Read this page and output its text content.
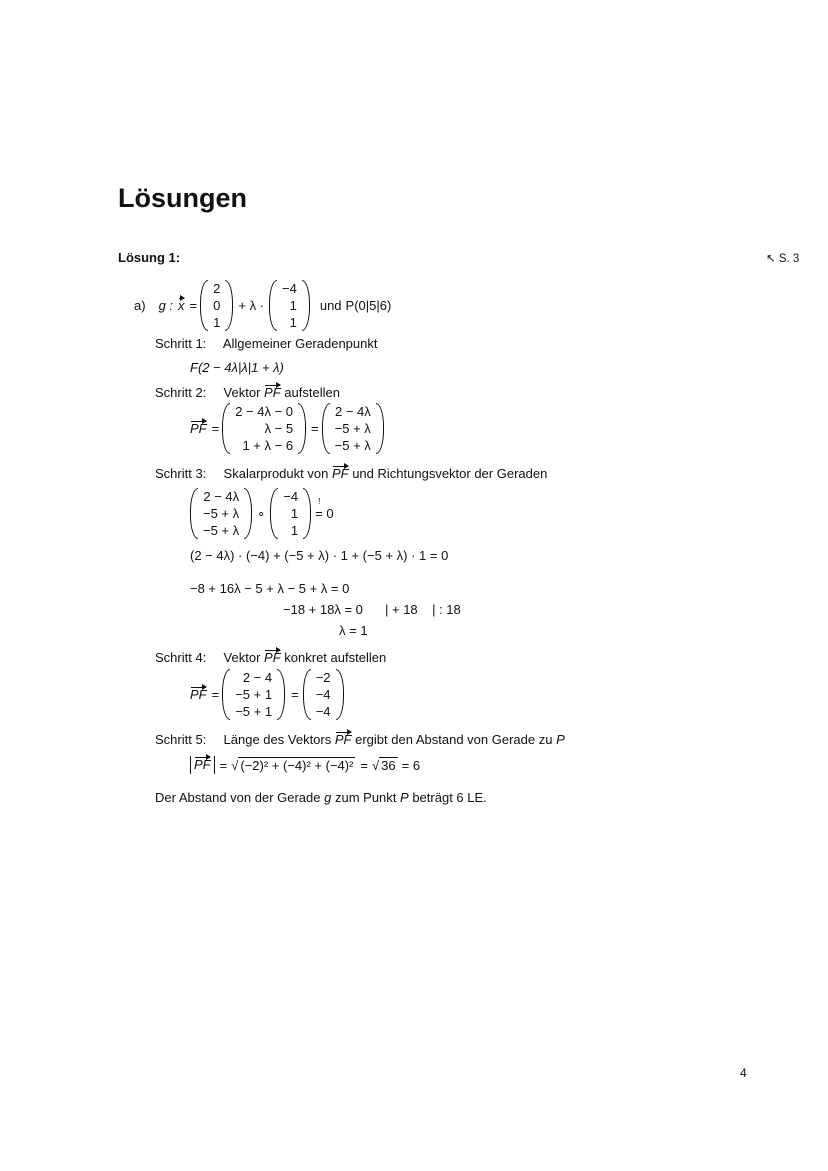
Lösungen
Lösung 1:	↖ S. 3
a) g : x =
2
0
1
+ λ ·
−4
1
1
und P(0|5|6)
Schritt 1: Allgemeiner Geradenpunkt
F(2 − 4λ|λ|1 + λ)
Schritt 2: Vektor PF aufstellen
PF =
2 − 4λ − 0
λ − 5
1 + λ − 6
=
2 − 4λ
−5 + λ
−5 + λ
Schritt 3: Skalarprodukt von PF und Richtungsvektor der Geraden
2 − 4λ
−5 + λ
−5 + λ
∘
−4
1
1
!
= 0
(2 − 4λ) · (−4) + (−5 + λ) · 1 + (−5 + λ) · 1 = 0
−8 + 16λ − 5 + λ − 5 + λ = 0
−18 + 18λ = 0 | + 18    | : 18
λ = 1
Schritt 4: Vektor PF konkret aufstellen
PF =
2 − 4
−5 + 1
−5 + 1
=
−2
−4
−4
Schritt 5: Länge des Vektors PF ergibt den Abstand von Gerade zu P
PF = √ (−2)² + (−4)² + (−4)² = √ 36 = 6
Der Abstand von der Gerade g zum Punkt P beträgt 6 LE.
4
